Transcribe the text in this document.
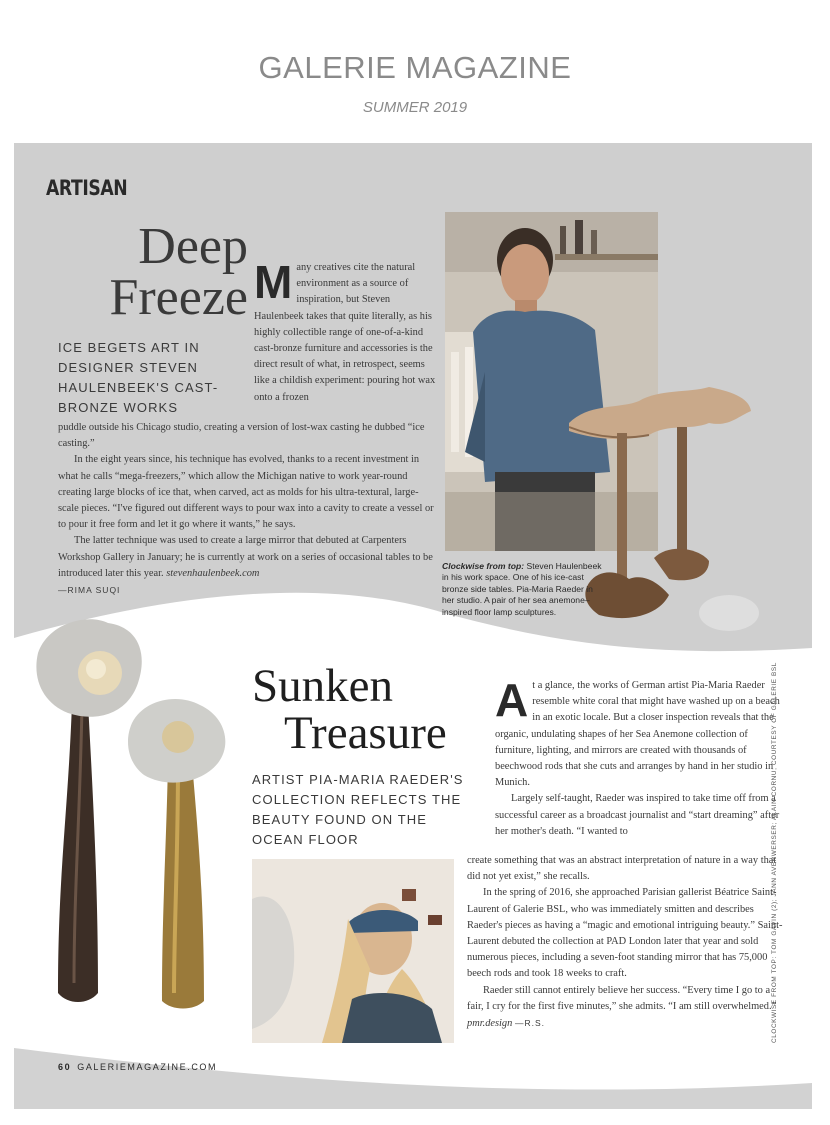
GALERIE MAGAZINE
SUMMER 2019
ARTISAN
Deep
Freeze
ICE BEGETS ART IN DESIGNER STEVEN HAULENBEEK'S CAST-BRONZE WORKS
M any creatives cite the natural environment as a source of inspiration, but Steven Haulenbeek takes that quite literally, as his highly collectible range of one-of-a-kind cast-bronze furniture and accessories is the direct result of what, in retrospect, seems like a childish experiment: pouring hot wax onto a frozen

puddle outside his Chicago studio, creating a version of lost-wax casting he dubbed “ice casting.”

In the eight years since, his technique has evolved, thanks to a recent investment in what he calls “mega-freezers,” which allow the Michigan native to work year-round creating large blocks of ice that, when carved, act as molds for his ultra-textural, large-scale pieces. “I've figured out different ways to pour wax into a cavity to create a vessel or to pour it free form and let it go where it wants,” he says.

The latter technique was used to create a large mirror that debuted at Carpenters Workshop Gallery in January; he is currently at work on a series of occasional tables to be introduced later this year. stevenhaulenbeek.com

—RIMA SUQI

Clockwise from top: Steven Haulenbeek in his work space. One of his ice-cast bronze side tables. Pia-Maria Raeder in her studio. A pair of her sea anemone–inspired floor lamp sculptures.
Sunken
Treasure
ARTIST PIA-MARIA RAEDER'S COLLECTION REFLECTS THE BEAUTY FOUND ON THE OCEAN FLOOR
A t a glance, the works of German artist Pia-Maria Raeder resemble white coral that might have washed up on a beach in an exotic locale. But a closer inspection reveals that the organic, undulating shapes of her Sea Anemone collection of furniture, lighting, and mirrors are created with thousands of beechwood rods that she cuts and arranges by hand in her studio in Munich.
Largely self-taught, Raeder was inspired to take time off from a successful career as a broadcast journalist and “start dreaming” after her mother's death. “I wanted to

create something that was an abstract interpretation of nature in a way that did not yet exist,” she recalls.

In the spring of 2016, she approached Parisian gallerist Béatrice Saint-Laurent of Galerie BSL, who was immediately smitten and describes Raeder's pieces as having a “magic and emotional intriguing beauty.” Saint-Laurent debuted the collection at PAD London later that year and sold numerous pieces, including a seven-foot standing mirror that has 75,000 beech rods and took 18 weeks to craft.

Raeder still cannot entirely believe her success. “Every time I go to a fair, I cry for the first five minutes,” she admits. “I am still overwhelmed.” pmr.design —R.S.	CLOCKWISE FROM TOP: TOM GAVIN (2); JANN AVERWERSER; ALAIN CORNU; COURTESY OF GALERIE BSL
60 GALERIEMAGAZINE.COM
